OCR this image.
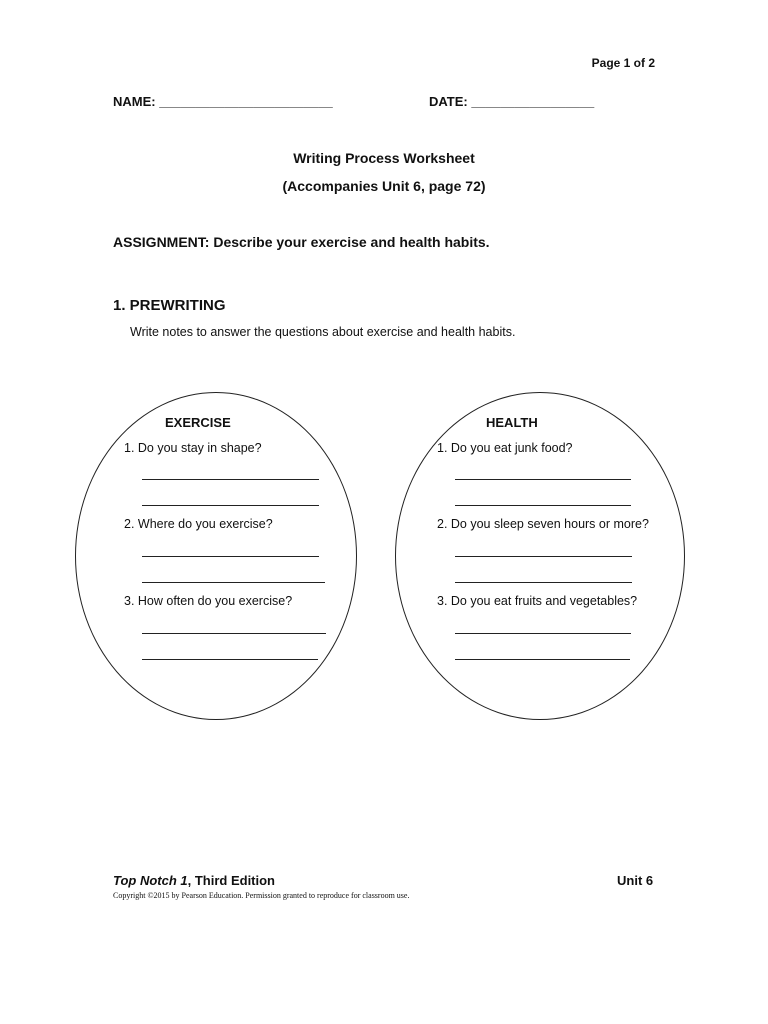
Page 1 of 2
NAME: ________________________	DATE: _________________
Writing Process Worksheet
(Accompanies Unit 6, page 72)
ASSIGNMENT: Describe your exercise and health habits.
1. PREWRITING
Write notes to answer the questions about exercise and health habits.
EXERCISE
1. Do you stay in shape?
2. Where do you exercise?
3. How often do you exercise?
HEALTH
1. Do you eat junk food?
2. Do you sleep seven hours or more?
3. Do you eat fruits and vegetables?
Top Notch 1, Third Edition	Unit 6
Copyright ©2015 by Pearson Education. Permission granted to reproduce for classroom use.
